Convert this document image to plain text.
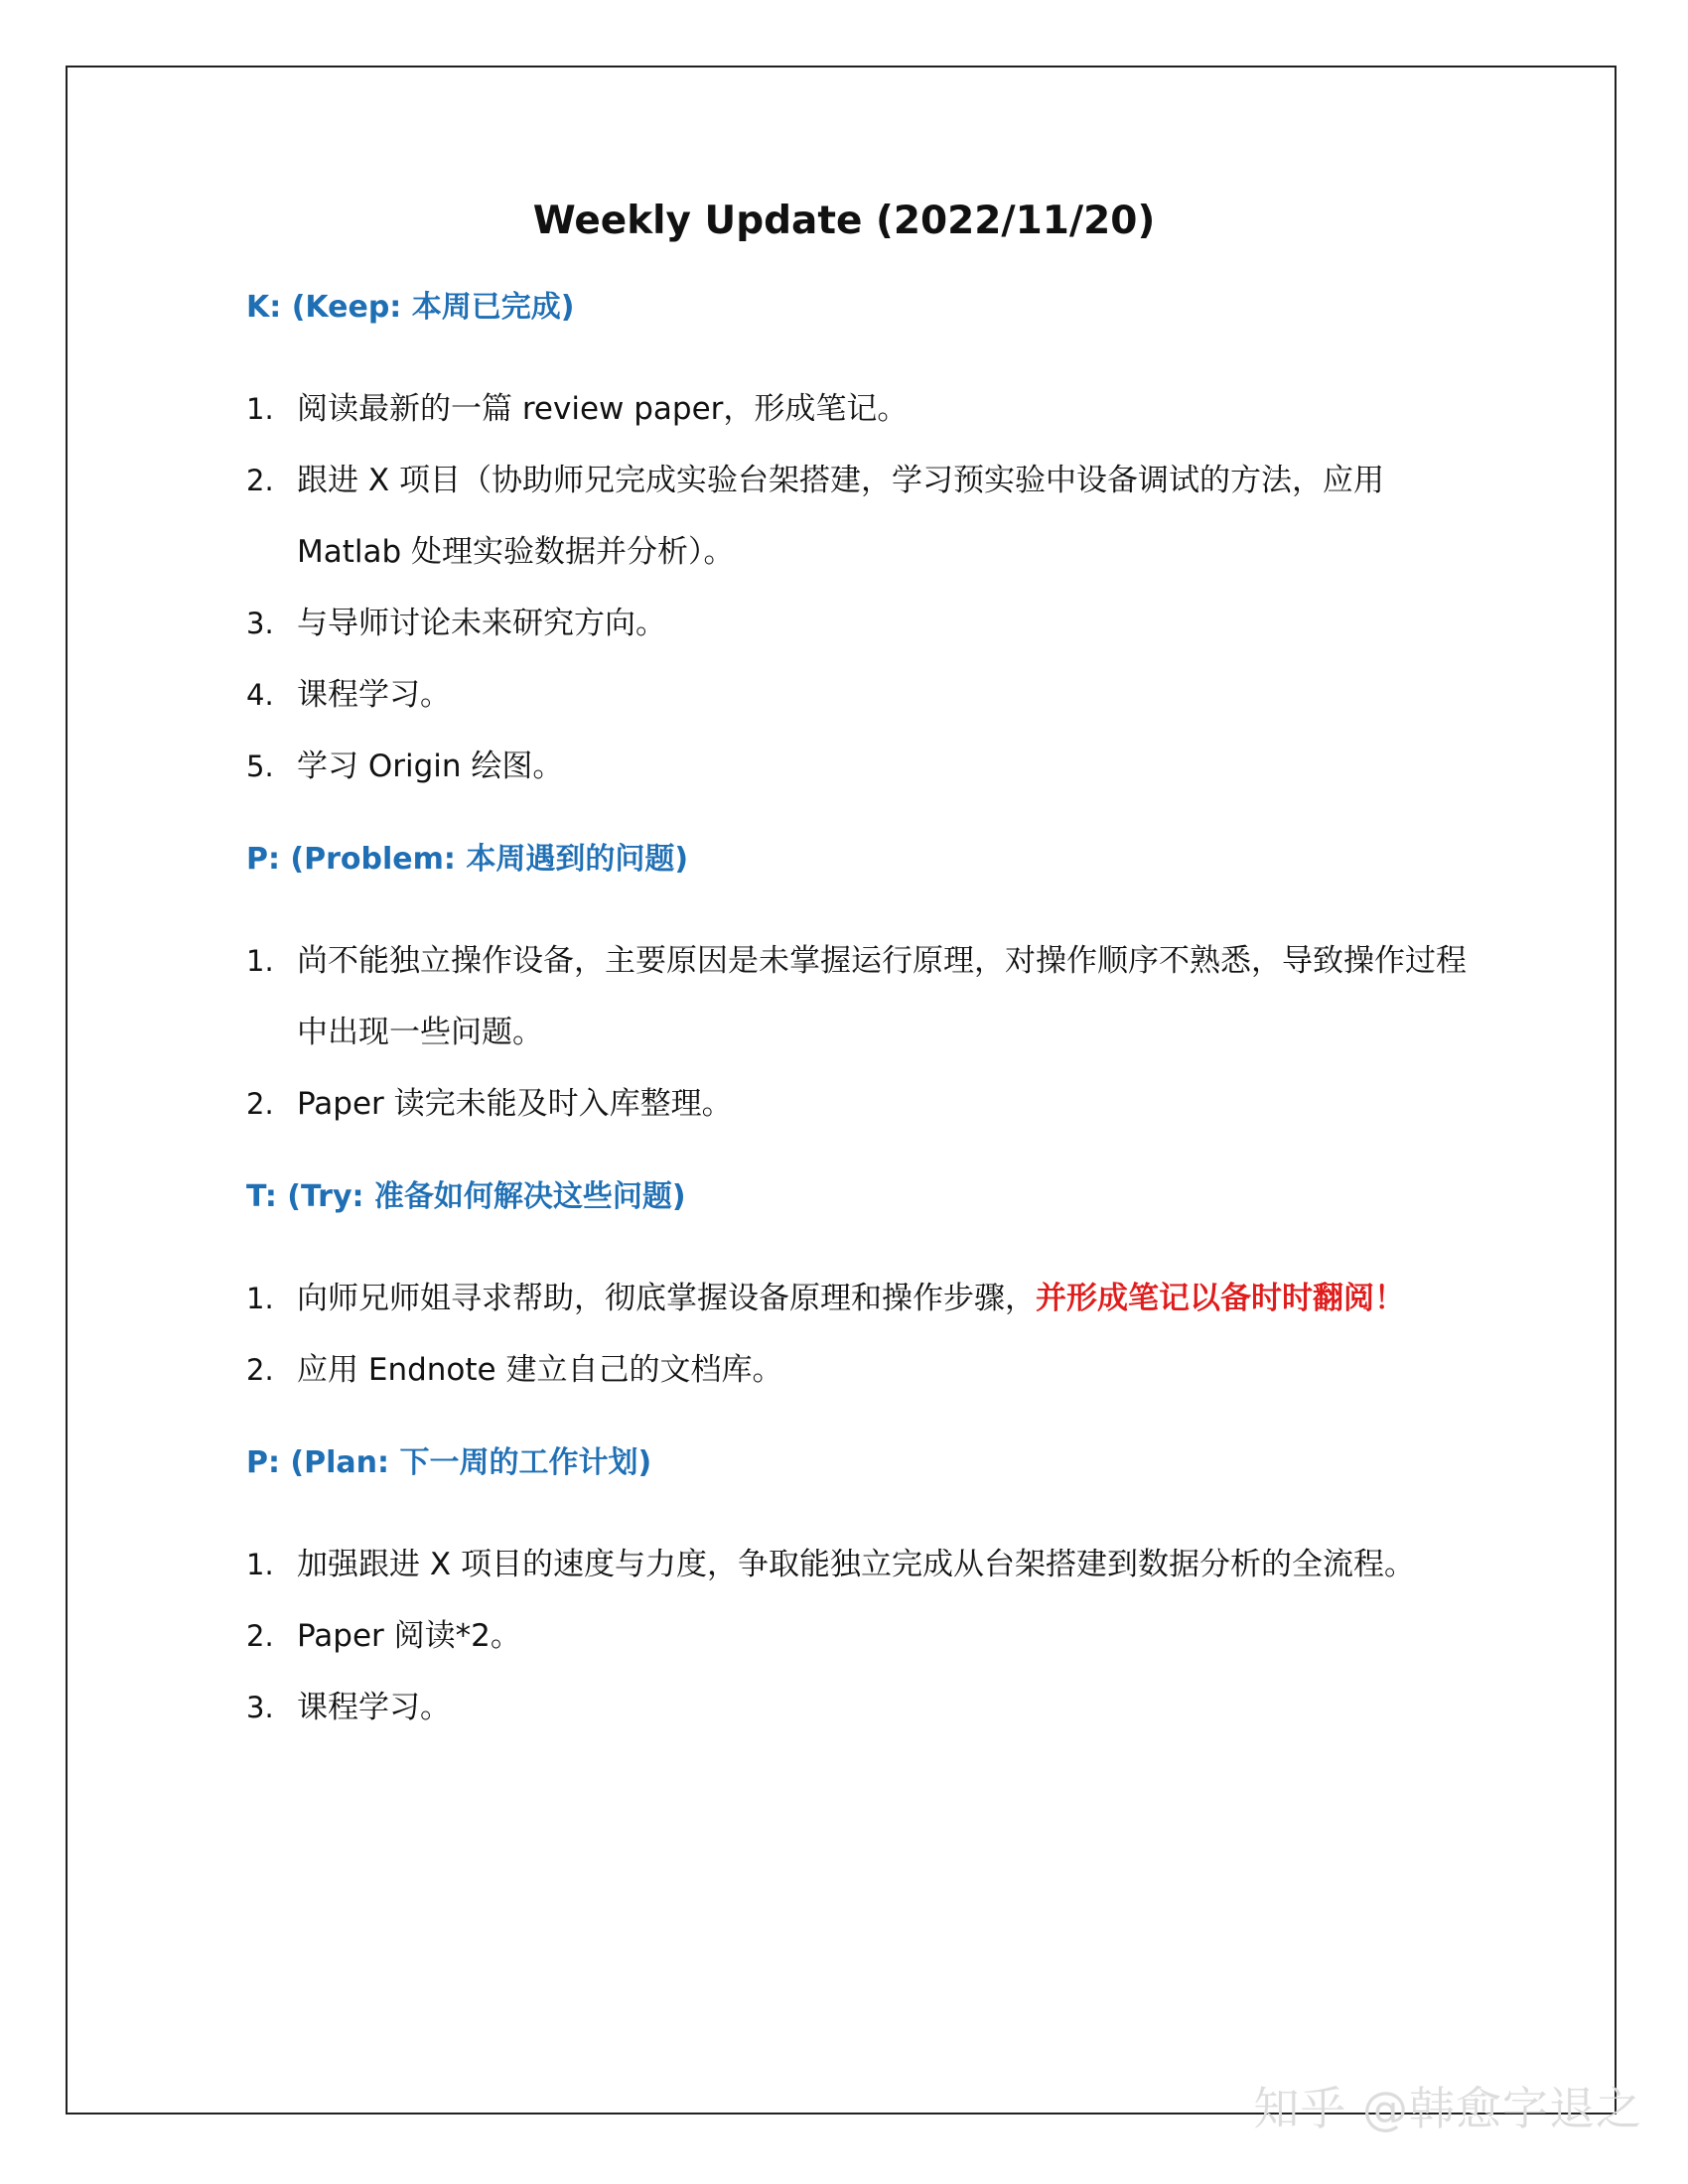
Weekly Update (2022/11/20)
K: (Keep: 本周已完成)
1. 阅读最新的一篇 review paper，形成笔记。
2. 跟进 X 项目（协助师兄完成实验台架搭建，学习预实验中设备调试的方法，应用 Matlab 处理实验数据并分析）。
3. 与导师讨论未来研究方向。
4. 课程学习。
5. 学习 Origin 绘图。
P: (Problem: 本周遇到的问题)
1. 尚不能独立操作设备，主要原因是未掌握运行原理，对操作顺序不熟悉，导致操作过程中出现一些问题。
2. Paper 读完未能及时入库整理。
T: (Try: 准备如何解决这些问题)
1. 向师兄师姐寻求帮助，彻底掌握设备原理和操作步骤，并形成笔记以备时时翻阅！
2. 应用 Endnote 建立自己的文档库。
P: (Plan: 下一周的工作计划)
1. 加强跟进 X 项目的速度与力度，争取能独立完成从台架搭建到数据分析的全流程。
2. Paper 阅读*2。
3. 课程学习。
知乎 @韩愈字退之
